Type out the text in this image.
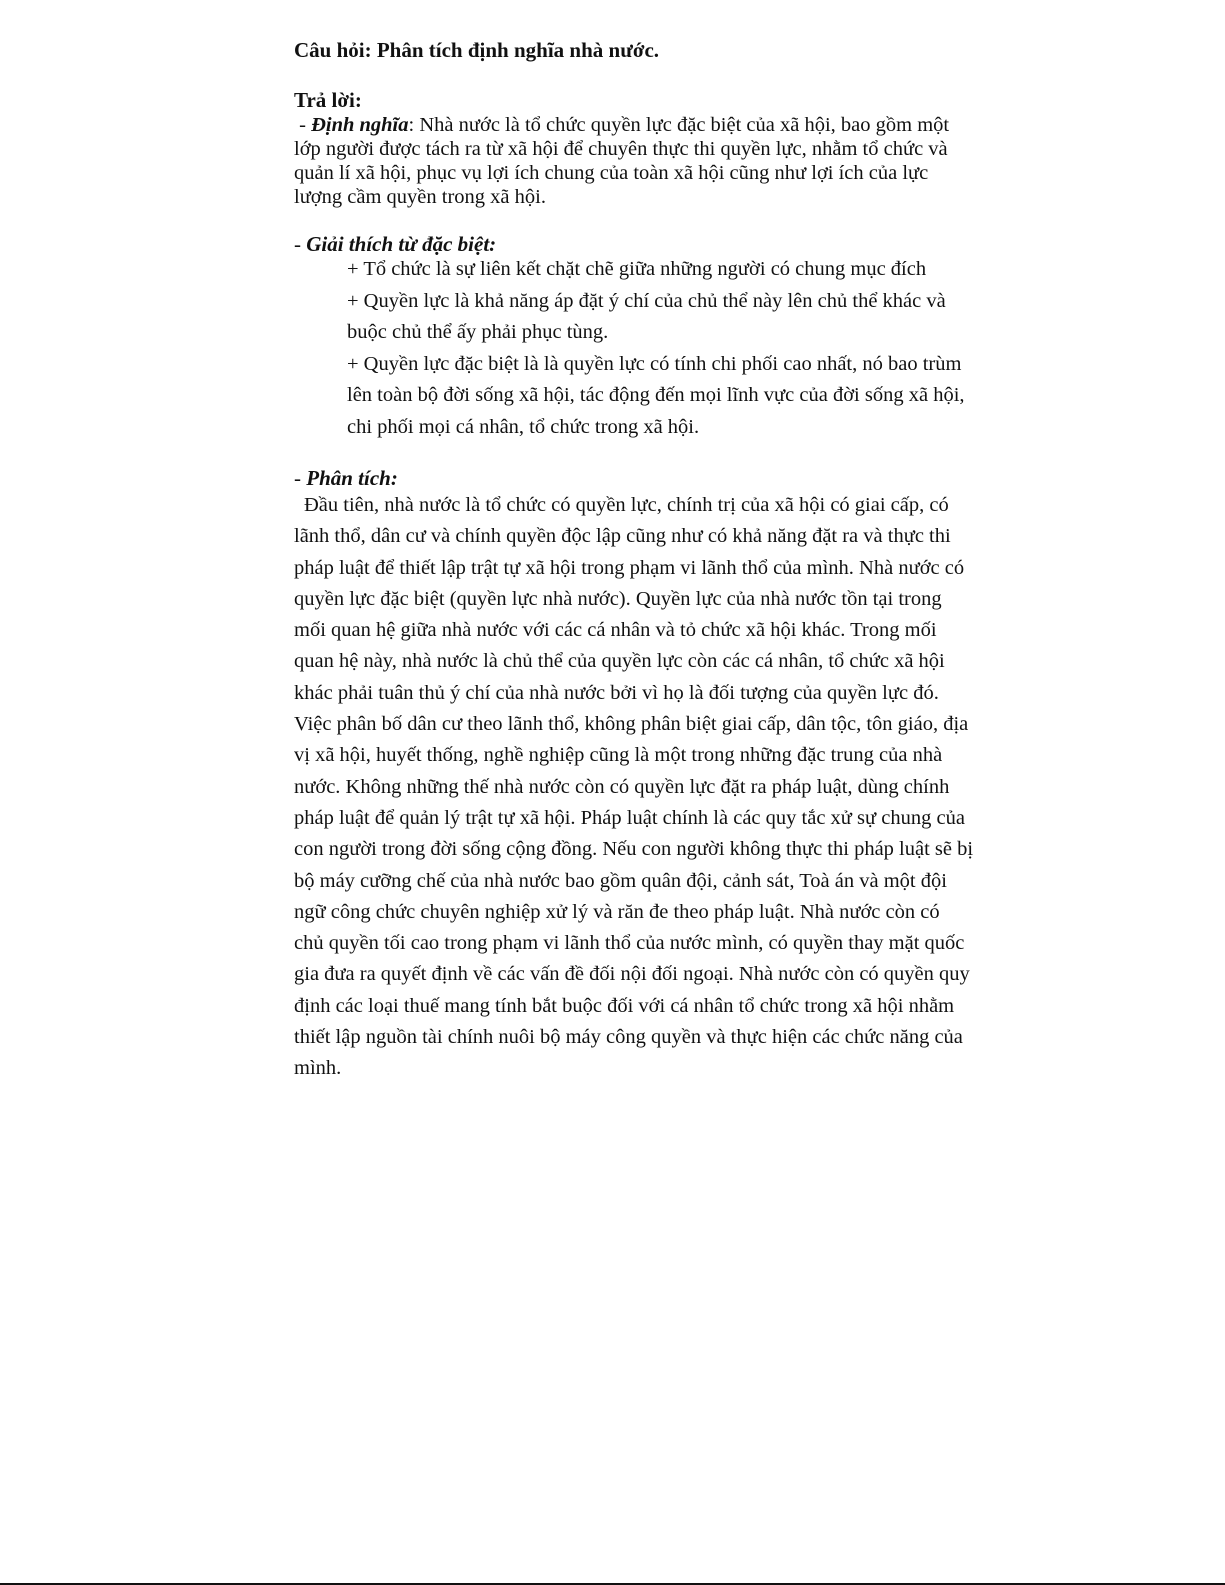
Câu hỏi: Phân tích định nghĩa nhà nước.
Trả lời:
- Định nghĩa: Nhà nước là tổ chức quyền lực đặc biệt của xã hội, bao gồm một lớp người được tách ra từ xã hội để chuyên thực thi quyền lực, nhằm tổ chức và quản lí xã hội, phục vụ lợi ích chung của toàn xã hội cũng như lợi ích của lực lượng cầm quyền trong xã hội.
- Giải thích từ đặc biệt:

+ Tổ chức là sự liên kết chặt chẽ giữa những người có chung mục đích

+ Quyền lực là khả năng áp đặt ý chí của chủ thể này lên chủ thể khác và buộc chủ thể ấy phải phục tùng.

+ Quyền lực đặc biệt là là quyền lực có tính chi phối cao nhất, nó bao trùm lên toàn bộ đời sống xã hội, tác động đến mọi lĩnh vực của đời sống xã hội, chi phối mọi cá nhân, tổ chức trong xã hội.

- Phân tích:
Đầu tiên, nhà nước là tổ chức có quyền lực, chính trị của xã hội có giai cấp, có lãnh thổ, dân cư và chính quyền độc lập cũng như có khả năng đặt ra và thực thi pháp luật để thiết lập trật tự xã hội trong phạm vi lãnh thổ của mình. Nhà nước có quyền lực đặc biệt (quyền lực nhà nước). Quyền lực của nhà nước tồn tại trong mối quan hệ giữa nhà nước với các cá nhân và tỏ chức xã hội khác. Trong mối quan hệ này, nhà nước là chủ thể của quyền lực còn các cá nhân, tổ chức xã hội khác phải tuân thủ ý chí của nhà nước bởi vì họ là đối tượng của quyền lực đó. Việc phân bố dân cư theo lãnh thổ, không phân biệt giai cấp, dân tộc, tôn giáo, địa vị xã hội, huyết thống, nghề nghiệp cũng là một trong những đặc trung của nhà nước. Không những thế nhà nước còn có quyền lực đặt ra pháp luật, dùng chính pháp luật để quản lý trật tự xã hội. Pháp luật chính là các quy tắc xử sự chung của con người trong đời sống cộng đồng. Nếu con người không thực thi pháp luật sẽ bị bộ máy cưỡng chế của nhà nước bao gồm quân đội, cảnh sát, Toà án và một đội ngữ công chức chuyên nghiệp xử lý và răn đe theo pháp luật. Nhà nước còn có chủ quyền tối cao trong phạm vi lãnh thổ của nước mình, có quyền thay mặt quốc gia đưa ra quyết định về các vấn đề đối nội đối ngoại. Nhà nước còn có quyền quy định các loại thuế mang tính bắt buộc đối với cá nhân tổ chức trong xã hội nhằm thiết lập nguồn tài chính nuôi bộ máy công quyền và thực hiện các chức năng của mình.
